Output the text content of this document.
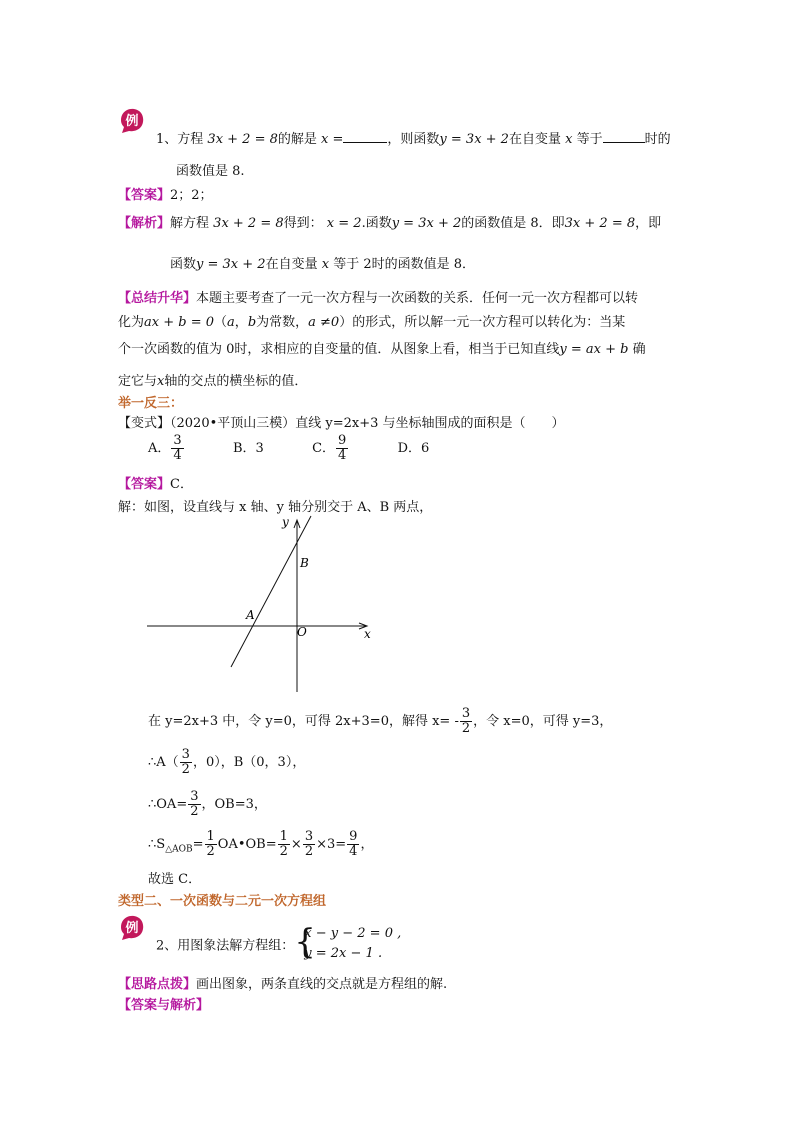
例
1、方程 3x + 2 = 8的解是 x =	，则函数y = 3x + 2在自变量 x 等于	时的
函数值是 8.
【答案】2；2；
【解析】解方程 3x + 2 = 8得到： x = 2.函数y = 3x + 2的函数值是 8．即3x + 2 = 8，即
函数y = 3x + 2在自变量 x 等于 2时的函数值是 8．
【总结升华】本题主要考查了一元一次方程与一次函数的关系．任何一元一次方程都可以转
化为ax + b = 0（a，b为常数，a ≠0）的形式，所以解一元一次方程可以转化为：当某
个一次函数的值为 0时，求相应的自变量的值．从图象上看，相当于已知直线y = ax + b 确
定它与x轴的交点的横坐标的值．
举一反三：
【变式】（2020•平顶山三模）直线 y=2x+3 与坐标轴围成的面积是（　　）
A． $\frac{3}{4}$	B．3	C． $\frac{9}{4}$	D．6
【答案】C．
解：如图，设直线与 x 轴、y 轴分别交于 A、B 两点，
y
x
B
A
O
在 y=2x+3 中，令 y=0，可得 2x+3=0，解得 $x= - \frac{3}{2}$ ，令 x=0，可得 y=3，
∴A（ $\frac{3}{2}$ ，0），B（0，3），
∴OA= $\frac{3}{2}$ ，OB=3，
$\therefore S_{\triangle AOB}= \frac{1}{2}$ OA•OB= $\frac{1}{2} \times \frac{3}{2} \times 3= \frac{9}{4}$ ，
故选 C．
类型二、一次函数与二元一次方程组
例
2、用图象法解方程组： {
x − y − 2 = 0 ,
y = 2x − 1 .
【思路点拨】画出图象，两条直线的交点就是方程组的解.
【答案与解析】
